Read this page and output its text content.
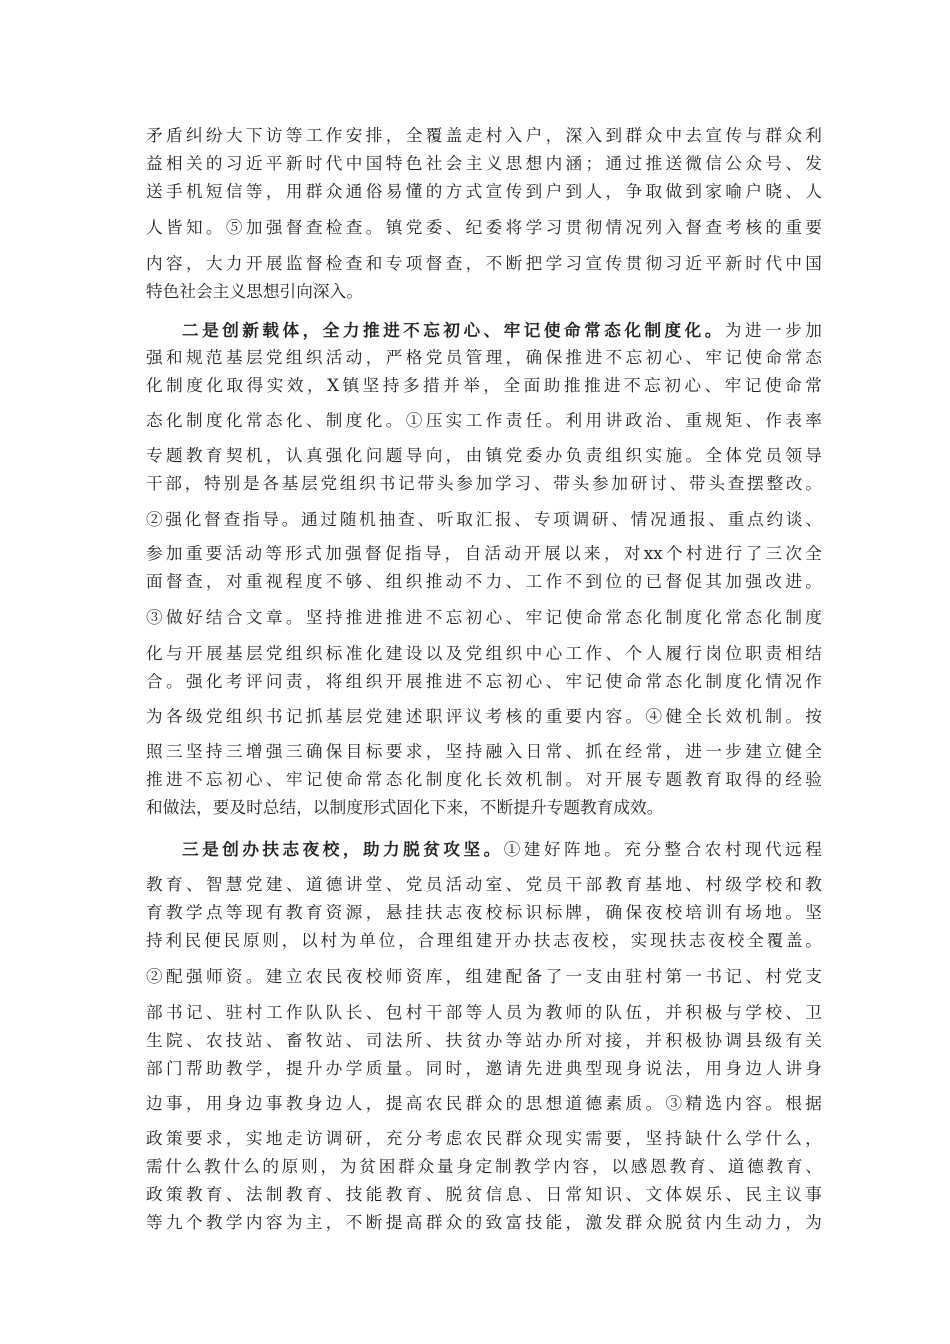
矛盾纠纷大下访等工作安排，全覆盖走村入户，深入到群众中去宣传与群众利
益相关的习近平新时代中国特色社会主义思想内涵；通过推送微信公众号、发
送手机短信等，用群众通俗易懂的方式宣传到户到人，争取做到家喻户晓、人
人皆知。⑤加强督查检查。镇党委、纪委将学习贯彻情况列入督查考核的重要
内容，大力开展监督检查和专项督查，不断把学习宣传贯彻习近平新时代中国
特色社会主义思想引向深入。
二是创新载体，全力推进不忘初心、牢记使命常态化制度化。为进一步加
强和规范基层党组织活动，严格党员管理，确保推进不忘初心、牢记使命常态
化制度化取得实效，X镇坚持多措并举，全面助推推进不忘初心、牢记使命常
态化制度化常态化、制度化。①压实工作责任。利用讲政治、重规矩、作表率
专题教育契机，认真强化问题导向，由镇党委办负责组织实施。全体党员领导
干部，特别是各基层党组织书记带头参加学习、带头参加研讨、带头查摆整改。
②强化督查指导。通过随机抽查、听取汇报、专项调研、情况通报、重点约谈、
参加重要活动等形式加强督促指导，自活动开展以来，对xx个村进行了三次全
面督查，对重视程度不够、组织推动不力、工作不到位的已督促其加强改进。
③做好结合文章。坚持推进推进不忘初心、牢记使命常态化制度化常态化制度
化与开展基层党组织标准化建设以及党组织中心工作、个人履行岗位职责相结
合。强化考评问责，将组织开展推进不忘初心、牢记使命常态化制度化情况作
为各级党组织书记抓基层党建述职评议考核的重要内容。④健全长效机制。按
照三坚持三增强三确保目标要求，坚持融入日常、抓在经常，进一步建立健全
推进不忘初心、牢记使命常态化制度化长效机制。对开展专题教育取得的经验
和做法，要及时总结，以制度形式固化下来，不断提升专题教育成效。
三是创办扶志夜校，助力脱贫攻坚。①建好阵地。充分整合农村现代远程
教育、智慧党建、道德讲堂、党员活动室、党员干部教育基地、村级学校和教
育教学点等现有教育资源，悬挂扶志夜校标识标牌，确保夜校培训有场地。坚
持利民便民原则，以村为单位，合理组建开办扶志夜校，实现扶志夜校全覆盖。
②配强师资。建立农民夜校师资库，组建配备了一支由驻村第一书记、村党支
部书记、驻村工作队队长、包村干部等人员为教师的队伍，并积极与学校、卫
生院、农技站、畜牧站、司法所、扶贫办等站办所对接，并积极协调县级有关
部门帮助教学，提升办学质量。同时，邀请先进典型现身说法，用身边人讲身
边事，用身边事教身边人，提高农民群众的思想道德素质。③精选内容。根据
政策要求，实地走访调研，充分考虑农民群众现实需要，坚持缺什么学什么，
需什么教什么的原则，为贫困群众量身定制教学内容，以感恩教育、道德教育、
政策教育、法制教育、技能教育、脱贫信息、日常知识、文体娱乐、民主议事
等九个教学内容为主，不断提高群众的致富技能，激发群众脱贫内生动力，为
